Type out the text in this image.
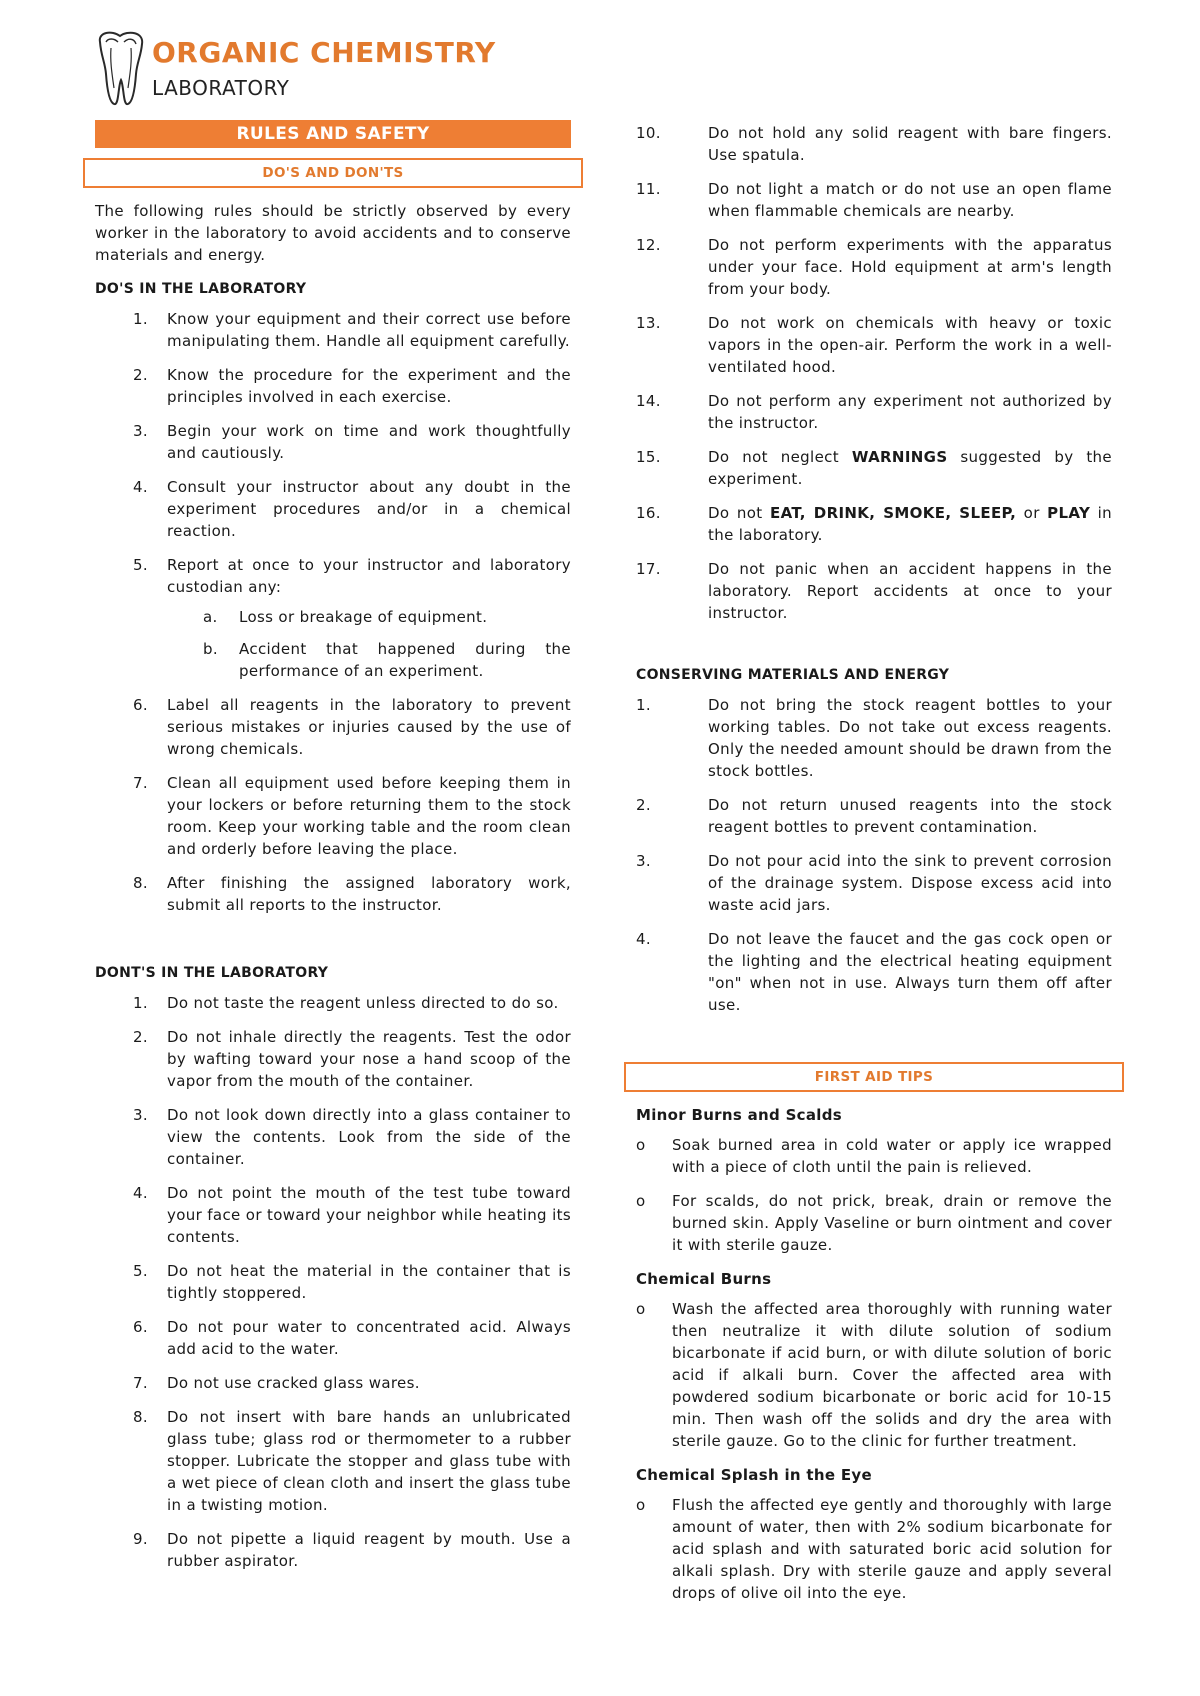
ORGANIC CHEMISTRY
LABORATORY
RULES AND SAFETY
DO'S AND DON'TS

The following rules should be strictly observed by every worker in the laboratory to avoid accidents and to conserve materials and energy.

DO'S IN THE LABORATORY
1. Know your equipment and their correct use before manipulating them. Handle all equipment carefully.
2. Know the procedure for the experiment and the principles involved in each exercise.
3. Begin your work on time and work thoughtfully and cautiously.
4. Consult your instructor about any doubt in the experiment procedures and/or in a chemical reaction.
5. Report at once to your instructor and laboratory custodian any:
a. Loss or breakage of equipment.
b. Accident that happened during the performance of an experiment.
6. Label all reagents in the laboratory to prevent serious mistakes or injuries caused by the use of wrong chemicals.
7. Clean all equipment used before keeping them in your lockers or before returning them to the stock room. Keep your working table and the room clean and orderly before leaving the place.
8. After finishing the assigned laboratory work, submit all reports to the instructor.
DONT'S IN THE LABORATORY
1. Do not taste the reagent unless directed to do so.
2. Do not inhale directly the reagents. Test the odor by wafting toward your nose a hand scoop of the vapor from the mouth of the container.
3. Do not look down directly into a glass container to view the contents. Look from the side of the container.
4. Do not point the mouth of the test tube toward your face or toward your neighbor while heating its contents.
5. Do not heat the material in the container that is tightly stoppered.
6. Do not pour water to concentrated acid. Always add acid to the water.
7. Do not use cracked glass wares.
8. Do not insert with bare hands an unlubricated glass tube; glass rod or thermometer to a rubber stopper. Lubricate the stopper and glass tube with a wet piece of clean cloth and insert the glass tube in a twisting motion.
9. Do not pipette a liquid reagent by mouth. Use a rubber aspirator.
10.	Do not hold any solid reagent with bare fingers. Use spatula.
11.	Do not light a match or do not use an open flame when flammable chemicals are nearby.
12.	Do not perform experiments with the apparatus under your face. Hold equipment at arm's length from your body.
13.	Do not work on chemicals with heavy or toxic vapors in the open-air. Perform the work in a well-ventilated hood.
14.	Do not perform any experiment not authorized by the instructor.
15.	Do not neglect WARNINGS suggested by the experiment.
16.	Do not EAT, DRINK, SMOKE, SLEEP, or PLAY in the laboratory.
17.	Do not panic when an accident happens in the laboratory. Report accidents at once to your instructor.
CONSERVING MATERIALS AND ENERGY
1.	Do not bring the stock reagent bottles to your working tables. Do not take out excess reagents. Only the needed amount should be drawn from the stock bottles.
2.	Do not return unused reagents into the stock reagent bottles to prevent contamination.
3.	Do not pour acid into the sink to prevent corrosion of the drainage system. Dispose excess acid into waste acid jars.
4.	Do not leave the faucet and the gas cock open or the lighting and the electrical heating equipment "on" when not in use. Always turn them off after use.
FIRST AID TIPS
Minor Burns and Scalds
o Soak burned area in cold water or apply ice wrapped with a piece of cloth until the pain is relieved.
o For scalds, do not prick, break, drain or remove the burned skin. Apply Vaseline or burn ointment and cover it with sterile gauze.
Chemical Burns
o Wash the affected area thoroughly with running water then neutralize it with dilute solution of sodium bicarbonate if acid burn, or with dilute solution of boric acid if alkali burn. Cover the affected area with powdered sodium bicarbonate or boric acid for 10-15 min. Then wash off the solids and dry the area with sterile gauze. Go to the clinic for further treatment.
Chemical Splash in the Eye
o Flush the affected eye gently and thoroughly with large amount of water, then with 2% sodium bicarbonate for acid splash and with saturated boric acid solution for alkali splash. Dry with sterile gauze and apply several drops of olive oil into the eye.
